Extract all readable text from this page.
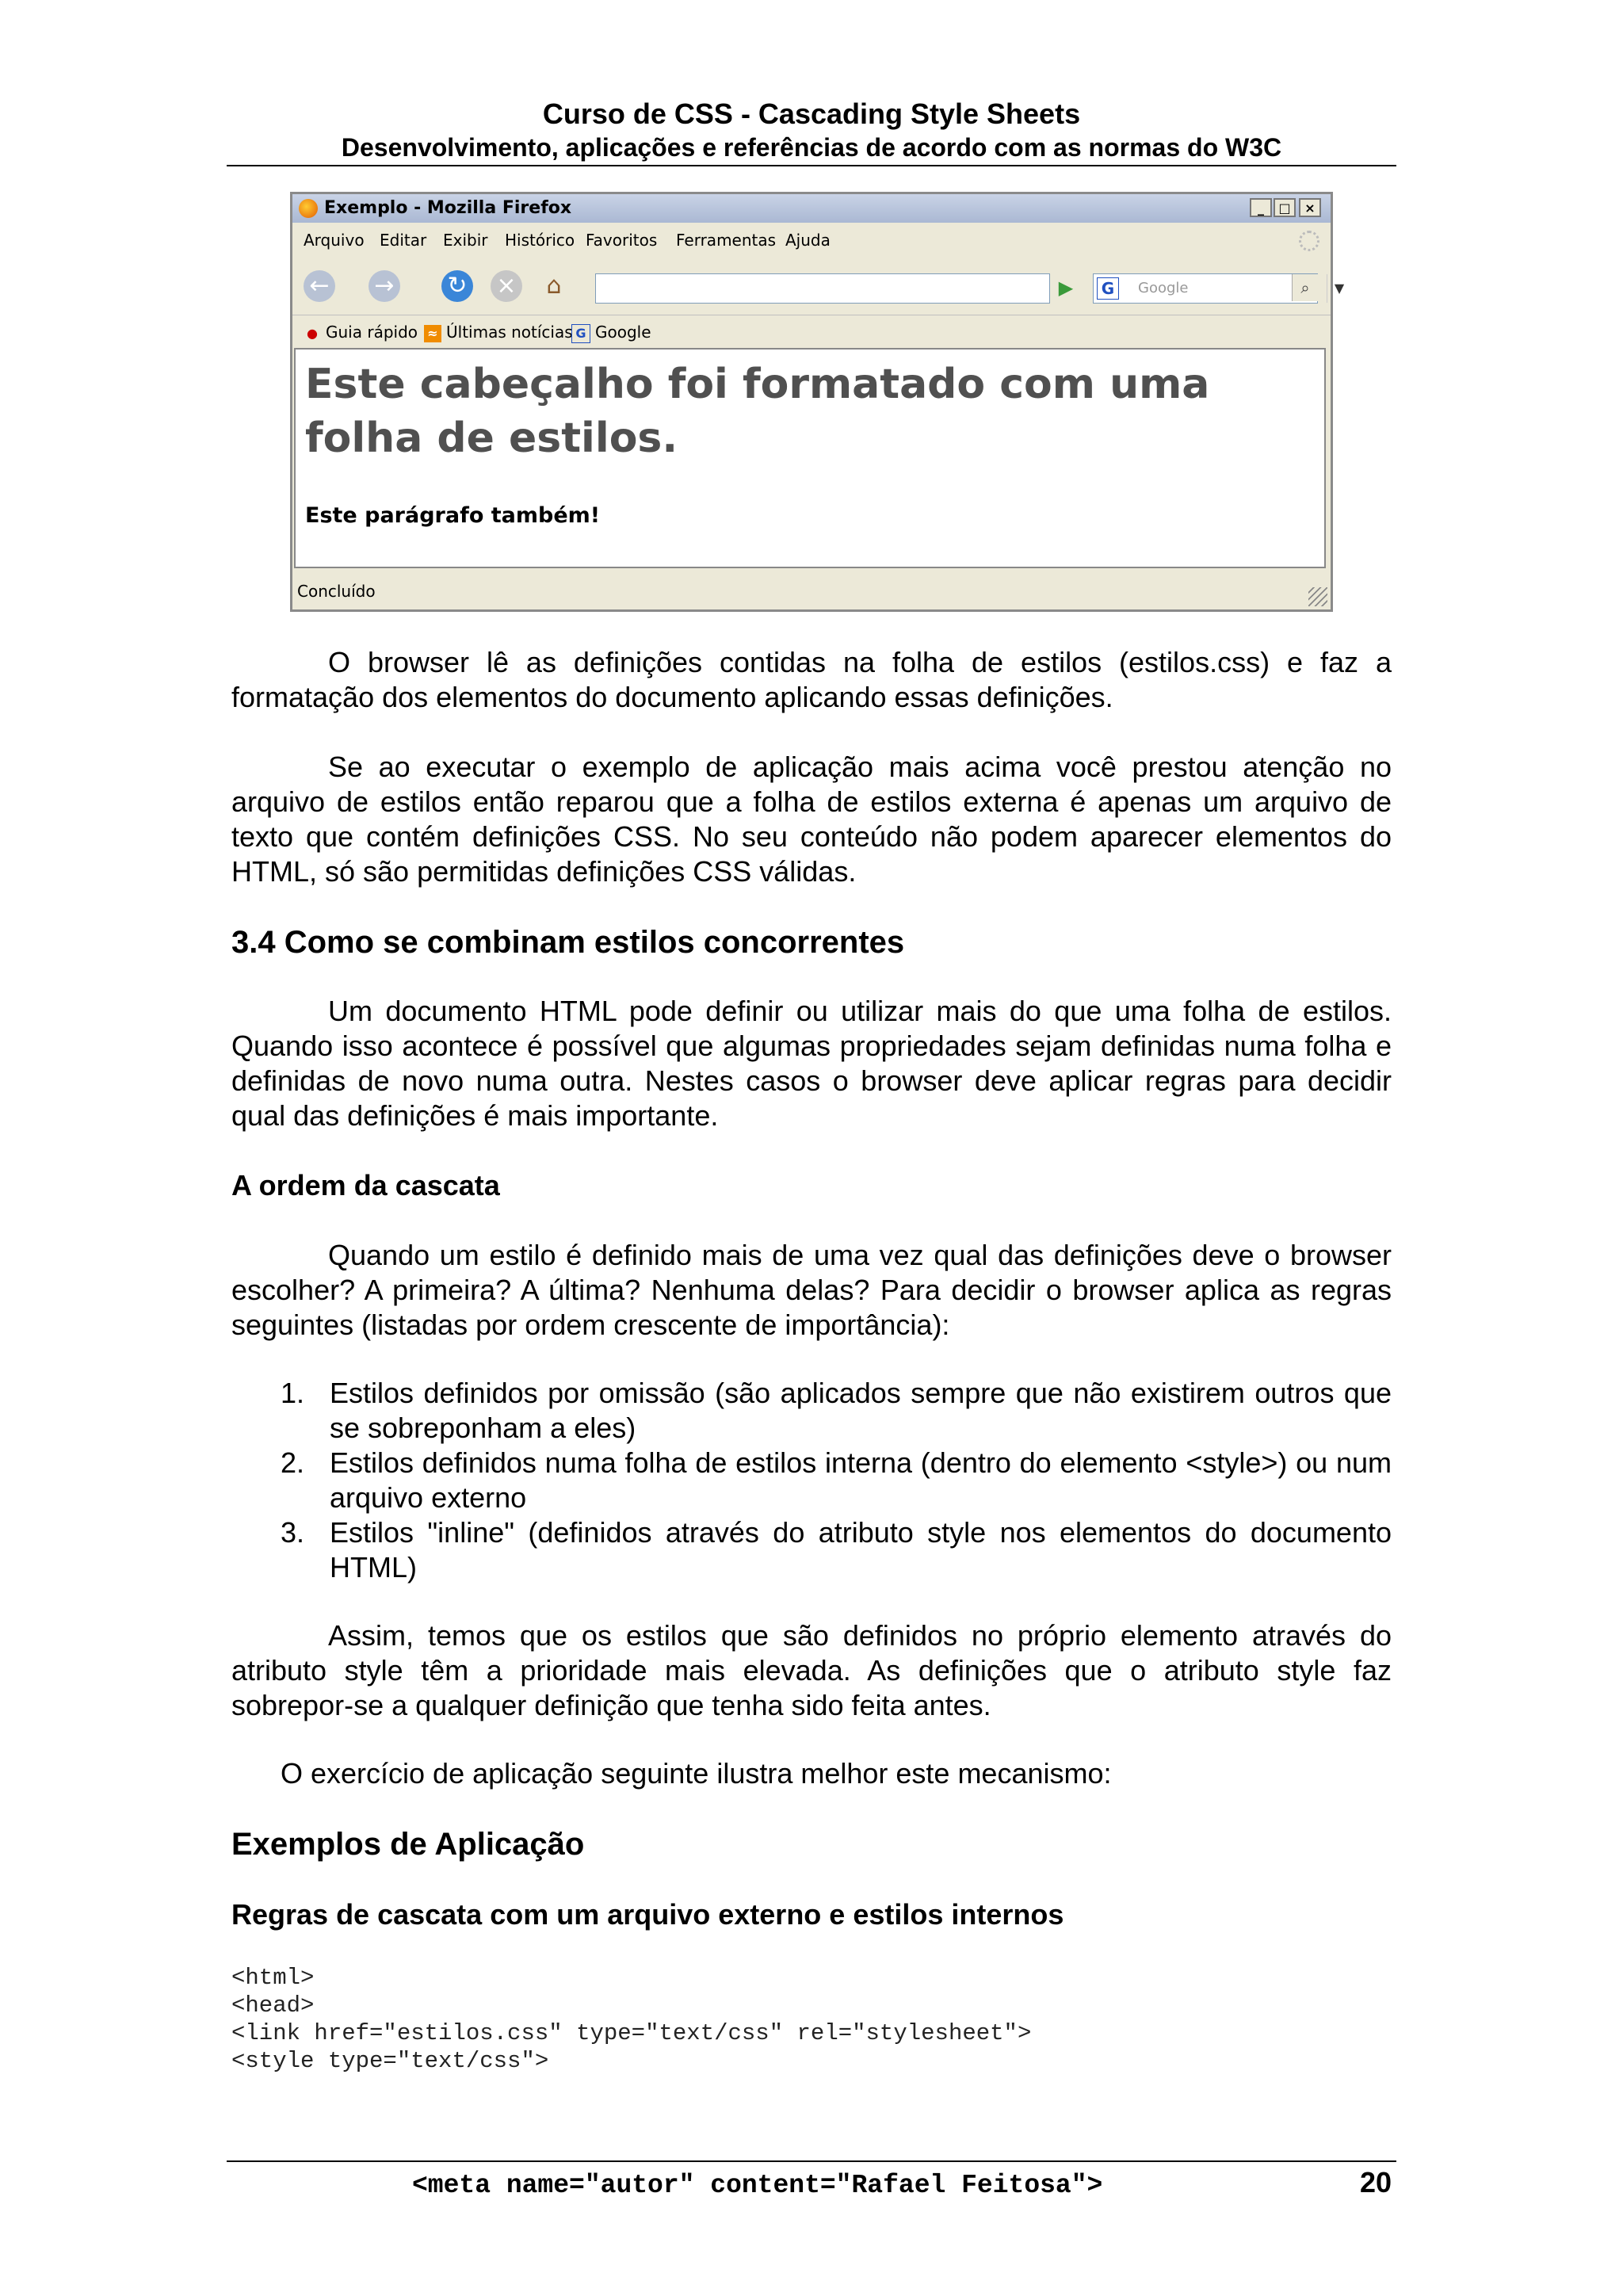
Curso de CSS - Cascading Style Sheets
Desenvolvimento, aplicações e referências de acordo com as normas do W3C
Exemplo - Mozilla Firefox	_	□	×
Arquivo Editar Exibir Histórico Favoritos Ferramentas Ajuda
← → ↻ ×	⌂	▼
▶	G	Google	⌕
● Guia rápido ≈ Últimas notícias G Google
Este cabeçalho foi formatado com uma folha de estilos.
Este parágrafo também!
Concluído
O browser lê as definições contidas na folha de estilos (estilos.css) e faz a formatação dos elementos do documento aplicando essas definições.
Se ao executar o exemplo de aplicação mais acima você prestou atenção no arquivo de estilos então reparou que a folha de estilos externa é apenas um arquivo de texto que contém definições CSS. No seu conteúdo não podem aparecer elementos do HTML, só são permitidas definições CSS válidas.
3.4 Como se combinam estilos concorrentes
Um documento HTML pode definir ou utilizar mais do que uma folha de estilos. Quando isso acontece é possível que algumas propriedades sejam definidas numa folha e definidas de novo numa outra. Nestes casos o browser deve aplicar regras para decidir qual das definições é mais importante.
A ordem da cascata
Quando um estilo é definido mais de uma vez qual das definições deve o browser escolher? A primeira? A última? Nenhuma delas? Para decidir o browser aplica as regras seguintes (listadas por ordem crescente de importância):
1. Estilos definidos por omissão (são aplicados sempre que não existirem outros que se sobreponham a eles)
2. Estilos definidos numa folha de estilos interna (dentro do elemento <style>) ou num arquivo externo
3. Estilos "inline" (definidos através do atributo style nos elementos do documento HTML)
Assim, temos que os estilos que são definidos no próprio elemento através do atributo style têm a prioridade mais elevada. As definições que o atributo style faz sobrepor-se a qualquer definição que tenha sido feita antes.
O exercício de aplicação seguinte ilustra melhor este mecanismo:
Exemplos de Aplicação
Regras de cascata com um arquivo externo e estilos internos
<html>
<head>
<link href="estilos.css" type="text/css" rel="stylesheet">
<style type="text/css">
<meta name="autor" content="Rafael Feitosa">	20
